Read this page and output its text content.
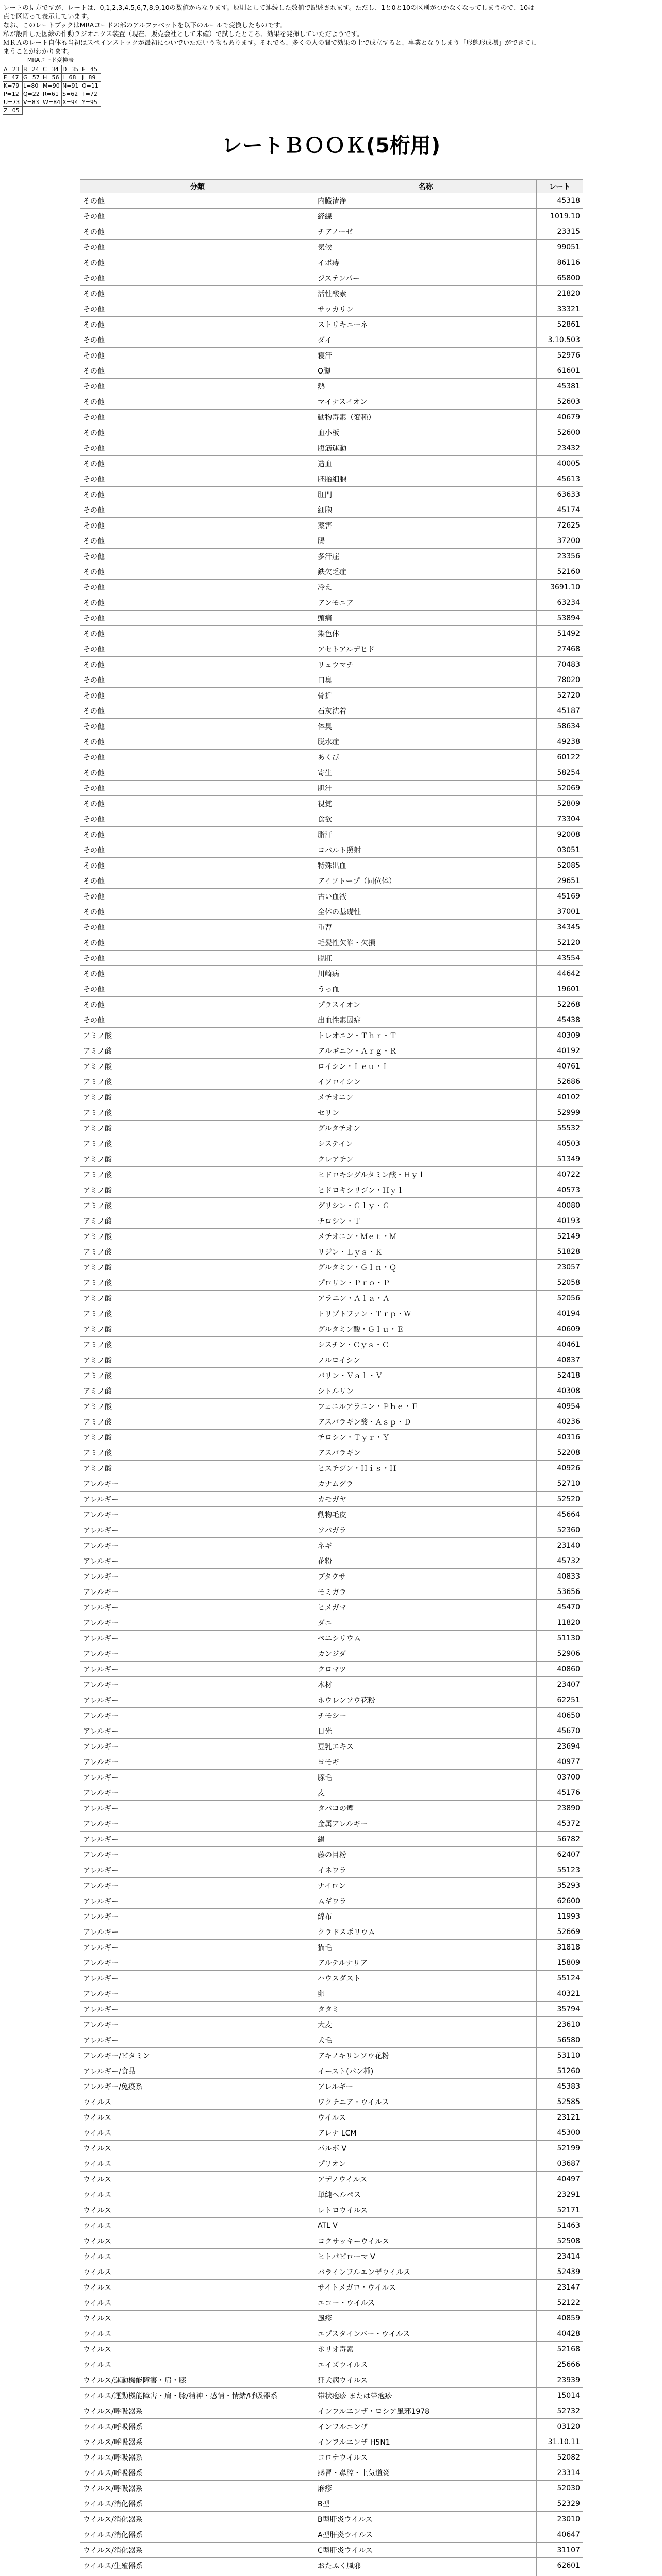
レートの見方ですが、レートは、0,1,2,3,4,5,6,7,8,9,10の数値からなります。原則として連続した数値で記述されます。ただし、1と0と10の区別がつかなくなってしまうので、10は点で区切って表示しています。

なお、このレートブックはMRAコードの部のアルファベットを以下のルールで変換したものです。

私が設計した図絵の作動ラジオニクス装置（現在、販売会社として未確）で試したところ、効果を発揮していただようです。

ＭＲＡのレート自体も当初はスペインストックが最初についでいただいう物もあります。それでも、多くの人の間で効果の上で成立すると、事業となりしまう「形態形成場」ができてしまうことがわかります。

MRAコード変換表
A=23	B=24	C=34	D=35	E=45
F=47	G=57	H=56	I=68	J=89
K=79	L=80	M=90	N=91	O=11
P=12	Q=22	R=61	S=62	T=72
U=73	V=83	W=84	X=94	Y=95
Z=05				
レートＢＯＯＫ(5桁用)
分類	名称	レート
その他	内臓清浄	45318
その他	経線	1019.10
その他	チアノーゼ	23315
その他	気候	99051
その他	イボ痔	86116
その他	ジステンパー	65800
その他	活性酸素	21820
その他	サッカリン	33321
その他	ストリキニーネ	52861
その他	ダイ	3.10.503
その他	寝汗	52976
その他	O脚	61601
その他	熱	45381
その他	マイナスイオン	52603
その他	動物毒素（変種）	40679
その他	血小板	52600
その他	腹筋運動	23432
その他	造血	40005
その他	胚胎細胞	45613
その他	肛門	63633
その他	細胞	45174
その他	薬害	72625
その他	腸	37200
その他	多汗症	23356
その他	鉄欠乏症	52160
その他	冷え	3691.10
その他	アンモニア	63234
その他	頭痛	53894
その他	染色体	51492
その他	アセトアルデヒド	27468
その他	リュウマチ	70483
その他	口臭	78020
その他	骨折	52720
その他	石灰沈着	45187
その他	体臭	58634
その他	脱水症	49238
その他	あくび	60122
その他	寄生	58254
その他	胆汁	52069
その他	視覚	52809
その他	食欲	73304
その他	脂汗	92008
その他	コバルト照射	03051
その他	特殊出血	52085
その他	アイソトープ（同位体）	29651
その他	古い血液	45169
その他	全体の基礎性	37001
その他	重曹	34345
その他	毛髪性欠陥・欠損	52120
その他	脱肛	43554
その他	川崎病	44642
その他	うっ血	19601
その他	プラスイオン	52268
その他	出血性素因症	45438
アミノ酸	トレオニン・Ｔｈｒ・Ｔ	40309
アミノ酸	アルギニン・Ａｒｇ・Ｒ	40192
アミノ酸	ロイシン・Ｌｅｕ・Ｌ	40761
アミノ酸	イソロイシン	52686
アミノ酸	メチオニン	40102
アミノ酸	セリン	52999
アミノ酸	グルタチオン	55532
アミノ酸	システイン	40503
アミノ酸	クレアチン	51349
アミノ酸	ヒドロキシグルタミン酸・Ｈｙｌ	40722
アミノ酸	ヒドロキシリジン・Ｈｙｌ	40573
アミノ酸	グリシン・Ｇｌｙ・Ｇ	40080
アミノ酸	チロシン・Ｔ	40193
アミノ酸	メチオニン・Ｍｅｔ・Ｍ	52149
アミノ酸	リジン・Ｌｙｓ・Ｋ	51828
アミノ酸	グルタミン・Ｇｌｎ・Ｑ	23057
アミノ酸	プロリン・Ｐｒｏ・Ｐ	52058
アミノ酸	アラニン・Ａｌａ・Ａ	52056
アミノ酸	トリプトファン・Ｔｒｐ・Ｗ	40194
アミノ酸	グルタミン酸・Ｇｌｕ・Ｅ	40609
アミノ酸	シスチン・Ｃｙｓ・Ｃ	40461
アミノ酸	ノルロイシン	40837
アミノ酸	バリン・Ｖａｌ・Ｖ	52418
アミノ酸	シトルリン	40308
アミノ酸	フェニルアラニン・Ｐｈｅ・Ｆ	40954
アミノ酸	アスパラギン酸・Ａｓｐ・Ｄ	40236
アミノ酸	チロシン・Ｔｙｒ・Ｙ	40316
アミノ酸	アスパラギン	52208
アミノ酸	ヒスチジン・Ｈｉｓ・Ｈ	40926
アレルギー	カナムグラ	52710
アレルギー	カモガヤ	52520
アレルギー	動物毛皮	45664
アレルギー	ソバガラ	52360
アレルギー	ネギ	23140
アレルギー	花粉	45732
アレルギー	ブタクサ	40833
アレルギー	モミガラ	53656
アレルギー	ヒメガマ	45470
アレルギー	ダニ	11820
アレルギー	ペニシリウム	51130
アレルギー	カンジダ	52906
アレルギー	クロマツ	40860
アレルギー	木材	23407
アレルギー	ホウレンソウ花粉	62251
アレルギー	チモシー	40650
アレルギー	日光	45670
アレルギー	豆乳エキス	23694
アレルギー	ヨモギ	40977
アレルギー	豚毛	03700
アレルギー	麦	45176
アレルギー	タバコの煙	23890
アレルギー	金属アレルギー	45372
アレルギー	絹	56782
アレルギー	藤の目粉	62407
アレルギー	イネワラ	55123
アレルギー	ナイロン	35293
アレルギー	ムギワラ	62600
アレルギー	綿布	11993
アレルギー	クラドスポリウム	52669
アレルギー	猫毛	31818
アレルギー	アルテルナリア	15809
アレルギー	ハウスダスト	55124
アレルギー	卵	40321
アレルギー	タタミ	35794
アレルギー	大麦	23610
アレルギー	犬毛	56580
アレルギー/ビタミン	アキノキリンソウ花粉	53110
アレルギー/食品	イースト(パン種)	51260
アレルギー/免疫系	アレルギー	45383
ウイルス	ワクチニア・ウイルス	52585
ウイルス	ウイルス	23121
ウイルス	アレナ LCM	45300
ウイルス	パルボ V	52199
ウイルス	プリオン	03687
ウイルス	アデノウイルス	40497
ウイルス	単純ヘルペス	23291
ウイルス	レトロウイルス	52171
ウイルス	ATL V	51463
ウイルス	コクサッキーウイルス	52508
ウイルス	ヒトパピローマ V	23414
ウイルス	パラインフルエンザウイルス	52439
ウイルス	サイトメガロ・ウイルス	23147
ウイルス	エコー・ウイルス	52122
ウイルス	風疹	40859
ウイルス	エプスタインバー・ウイルス	40428
ウイルス	ポリオ毒素	52168
ウイルス	エイズウイルス	25666
ウイルス/運動機能障害・肩・膝	狂犬病ウイルス	23939
ウイルス/運動機能障害・肩・膝/精神・感情・情緒/呼吸器系	帯状疱疹 または帯疱疹	15014
ウイルス/呼吸器系	インフルエンザ・ロシア風邪1978	52732
ウイルス/呼吸器系	インフルエンザ	03120
ウイルス/呼吸器系	インフルエンザ H5N1	31.10.11
ウイルス/呼吸器系	コロナウイルス	52082
ウイルス/呼吸器系	感冒・鼻腔・上気道炎	23314
ウイルス/呼吸器系	麻疹	52030
ウイルス/消化器系	B型	52329
ウイルス/消化器系	B型肝炎ウイルス	23010
ウイルス/消化器系	A型肝炎ウイルス	40647
ウイルス/消化器系	C型肝炎ウイルス	31107
ウイルス/生殖器系	おたふく風邪	62601
